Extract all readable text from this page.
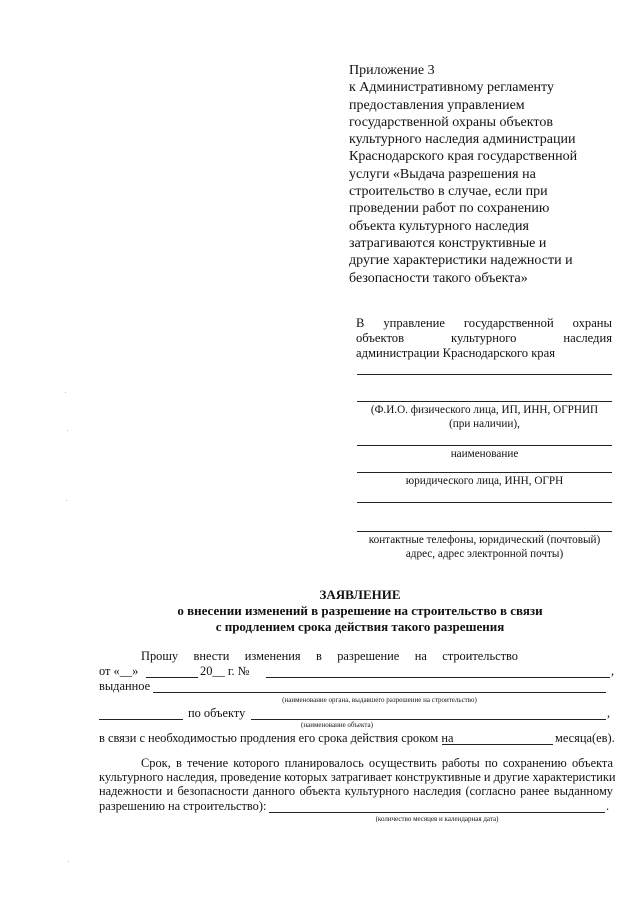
Приложение 3
к Административному регламенту
предоставления управлением
государственной охраны объектов
культурного наследия администрации
Краснодарского края государственной
услуги «Выдача разрешения на
строительство в случае, если при
проведении работ по сохранению
объекта культурного наследия
затрагиваются конструктивные и
другие характеристики надежности и
безопасности такого объекта»
В управление государственной охраны
объектов культурного наследия
администрации Краснодарского края
(Ф.И.О. физического лица, ИП, ИНН, ОГРНИП
(при наличии),
наименование
юридического лица, ИНН, ОГРН
контактные телефоны, юридический (почтовый)
адрес, адрес электронной почты)
ЗАЯВЛЕНИЕ
о внесении изменений в разрешение на строительство в связи
с продлением срока действия такого разрешения
Прошу внести изменения в разрешение на строительство
от «__»	20__ г. №	,
выданное
(наименование органа, выдавшего разрешение на строительство)
по объекту	,
(наименование объекта)
в связи с необходимостью продления его срока действия сроком на	месяца(ев).
Срок, в течение которого планировалось осуществить работы по сохранению объекта
культурного наследия, проведение которых затрагивает конструктивные и другие характеристики
надежности и безопасности данного объекта культурного наследия (согласно ранее выданному
разрешению на строительство):	.
(количество месяцев и календарная дата)
